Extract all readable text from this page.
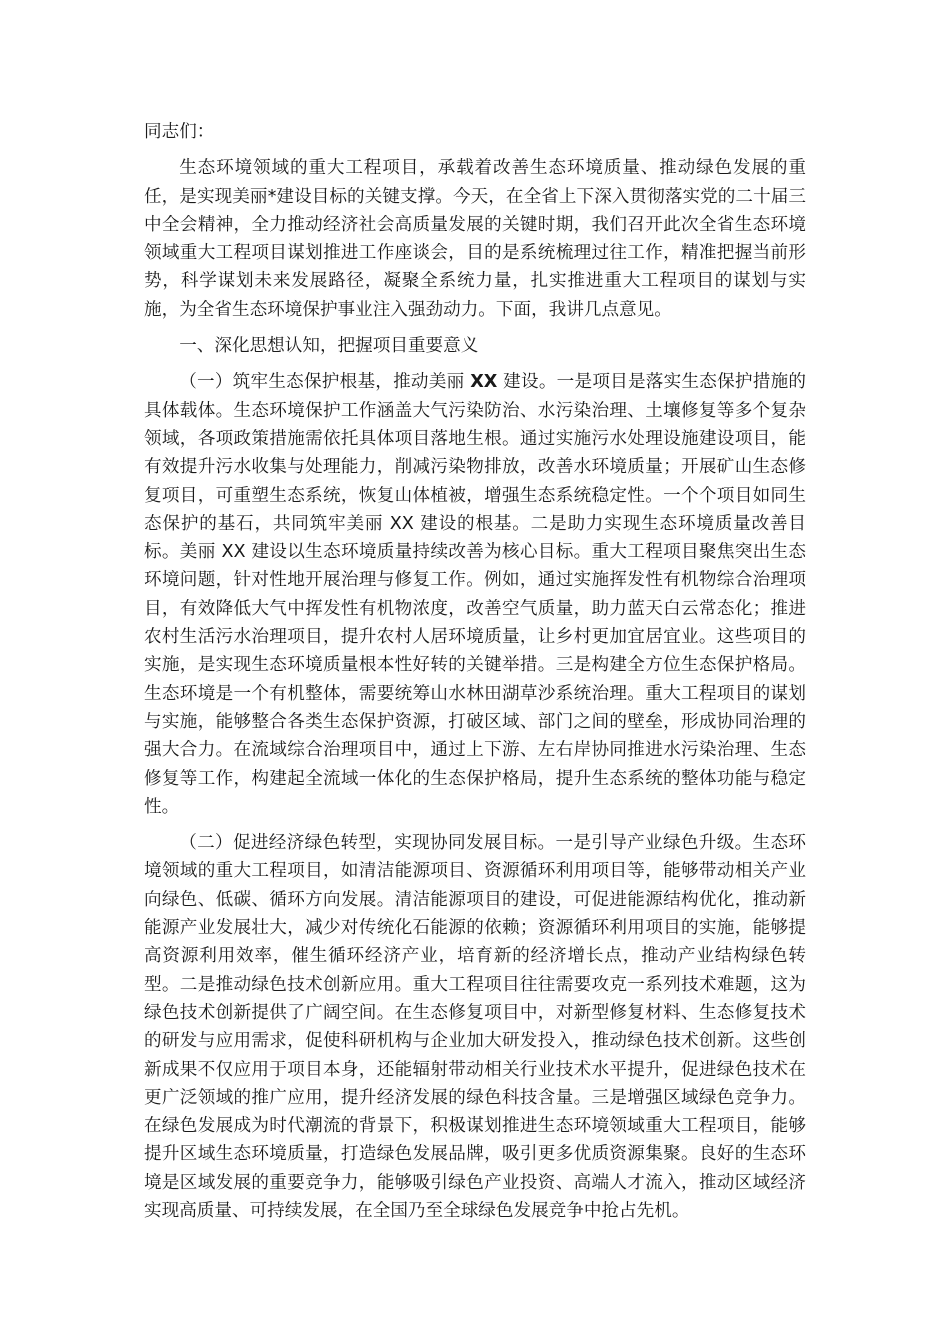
同志们：

生态环境领域的重大工程项目，承载着改善生态环境质量、推动绿色发展的重任，是实现美丽*建设目标的关键支撑。今天，在全省上下深入贯彻落实党的二十届三中全会精神，全力推动经济社会高质量发展的关键时期，我们召开此次全省生态环境领域重大工程项目谋划推进工作座谈会，目的是系统梳理过往工作，精准把握当前形势，科学谋划未来发展路径，凝聚全系统力量，扎实推进重大工程项目的谋划与实施，为全省生态环境保护事业注入强劲动力。下面，我讲几点意见。

一、深化思想认知，把握项目重要意义

（一）筑牢生态保护根基，推动美丽 XX 建设。一是项目是落实生态保护措施的具体载体。生态环境保护工作涵盖大气污染防治、水污染治理、土壤修复等多个复杂领域，各项政策措施需依托具体项目落地生根。通过实施污水处理设施建设项目，能有效提升污水收集与处理能力，削减污染物排放，改善水环境质量；开展矿山生态修复项目，可重塑生态系统，恢复山体植被，增强生态系统稳定性。一个个项目如同生态保护的基石，共同筑牢美丽 XX 建设的根基。二是助力实现生态环境质量改善目标。美丽 XX 建设以生态环境质量持续改善为核心目标。重大工程项目聚焦突出生态环境问题，针对性地开展治理与修复工作。例如，通过实施挥发性有机物综合治理项目，有效降低大气中挥发性有机物浓度，改善空气质量，助力蓝天白云常态化；推进农村生活污水治理项目，提升农村人居环境质量，让乡村更加宜居宜业。这些项目的实施，是实现生态环境质量根本性好转的关键举措。三是构建全方位生态保护格局。生态环境是一个有机整体，需要统筹山水林田湖草沙系统治理。重大工程项目的谋划与实施，能够整合各类生态保护资源，打破区域、部门之间的壁垒，形成协同治理的强大合力。在流域综合治理项目中，通过上下游、左右岸协同推进水污染治理、生态修复等工作，构建起全流域一体化的生态保护格局，提升生态系统的整体功能与稳定性。

（二）促进经济绿色转型，实现协同发展目标。一是引导产业绿色升级。生态环境领域的重大工程项目，如清洁能源项目、资源循环利用项目等，能够带动相关产业向绿色、低碳、循环方向发展。清洁能源项目的建设，可促进能源结构优化，推动新能源产业发展壮大，减少对传统化石能源的依赖；资源循环利用项目的实施，能够提高资源利用效率，催生循环经济产业，培育新的经济增长点，推动产业结构绿色转型。二是推动绿色技术创新应用。重大工程项目往往需要攻克一系列技术难题，这为绿色技术创新提供了广阔空间。在生态修复项目中，对新型修复材料、生态修复技术的研发与应用需求，促使科研机构与企业加大研发投入，推动绿色技术创新。这些创新成果不仅应用于项目本身，还能辐射带动相关行业技术水平提升，促进绿色技术在更广泛领域的推广应用，提升经济发展的绿色科技含量。三是增强区域绿色竞争力。在绿色发展成为时代潮流的背景下，积极谋划推进生态环境领域重大工程项目，能够提升区域生态环境质量，打造绿色发展品牌，吸引更多优质资源集聚。良好的生态环境是区域发展的重要竞争力，能够吸引绿色产业投资、高端人才流入，推动区域经济实现高质量、可持续发展，在全国乃至全球绿色发展竞争中抢占先机。
